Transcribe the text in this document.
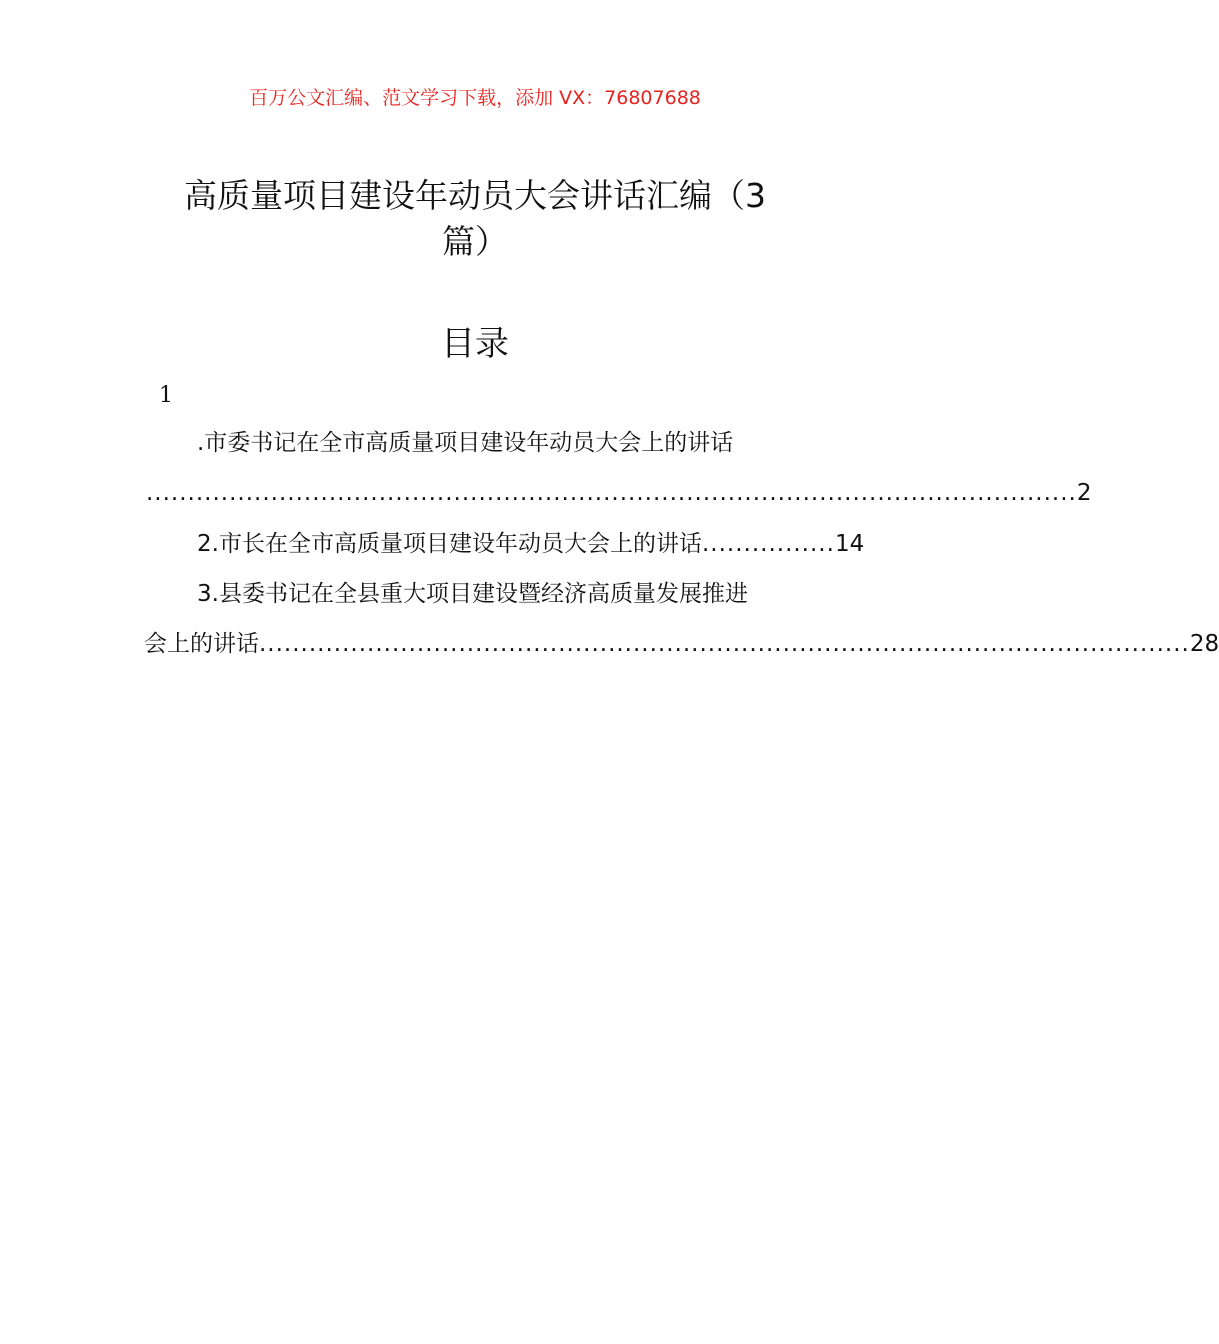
百万公文汇编、范文学习下载，添加 VX：76807688
高质量项目建设年动员大会讲话汇编（3
篇）
目录
1
.市委书记在全市高质量项目建设年动员大会上的讲话
................................................................................................................ 2
2.市长在全市高质量项目建设年动员大会上的讲话 ................ 14
3.县委书记在全县重大项目建设暨经济高质量发展推进
会上的讲话 ................................................................................................................ 28
